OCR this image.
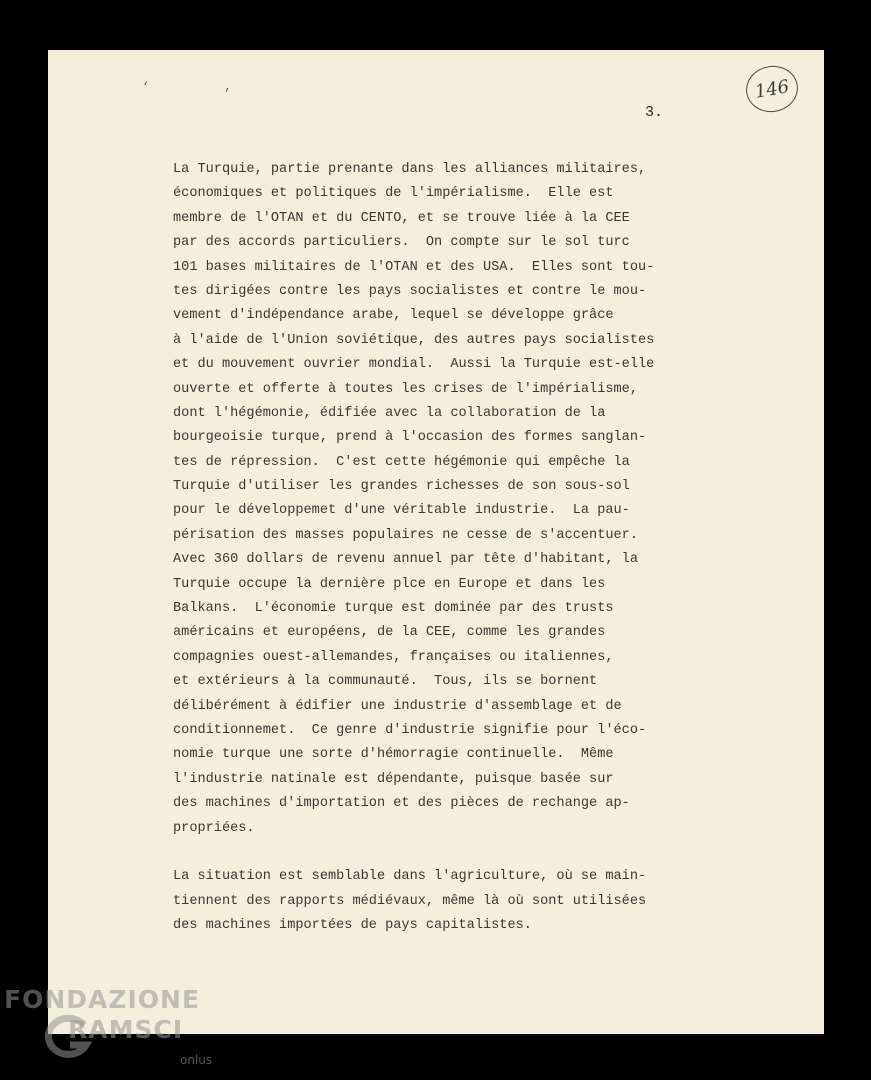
‘ ,
3.
146
La Turquie, partie prenante dans les alliances militaires,
économiques et politiques de l'impérialisme.  Elle est
membre de l'OTAN et du CENTO, et se trouve liée à la CEE
par des accords particuliers.  On compte sur le sol turc
101 bases militaires de l'OTAN et des USA.  Elles sont tou-
tes dirigées contre les pays socialistes et contre le mou-
vement d'indépendance arabe, lequel se développe grâce
à l'aide de l'Union soviétique, des autres pays socialistes
et du mouvement ouvrier mondial.  Aussi la Turquie est-elle
ouverte et offerte à toutes les crises de l'impérialisme,
dont l'hégémonie, édifiée avec la collaboration de la
bourgeoisie turque, prend à l'occasion des formes sanglan-
tes de répression.  C'est cette hégémonie qui empêche la
Turquie d'utiliser les grandes richesses de son sous-sol
pour le développemet d'une véritable industrie.  La pau-
périsation des masses populaires ne cesse de s'accentuer.
Avec 360 dollars de revenu annuel par tête d'habitant, la
Turquie occupe la dernière plce en Europe et dans les
Balkans.  L'économie turque est dominée par des trusts
américains et européens, de la CEE, comme les grandes
compagnies ouest-allemandes, françaises ou italiennes,
et extérieurs à la communauté.  Tous, ils se bornent
délibérément à édifier une industrie d'assemblage et de
conditionnemet.  Ce genre d'industrie signifie pour l'éco-
nomie turque une sorte d'hémorragie continuelle.  Même
l'industrie natinale est dépendante, puisque basée sur
des machines d'importation et des pièces de rechange ap-
propriées.
La situation est semblable dans l'agriculture, où se main-
tiennent des rapports médiévaux, même là où sont utilisées
des machines importées de pays capitalistes.
FONDAZIONE
RAMSCI
onlus
